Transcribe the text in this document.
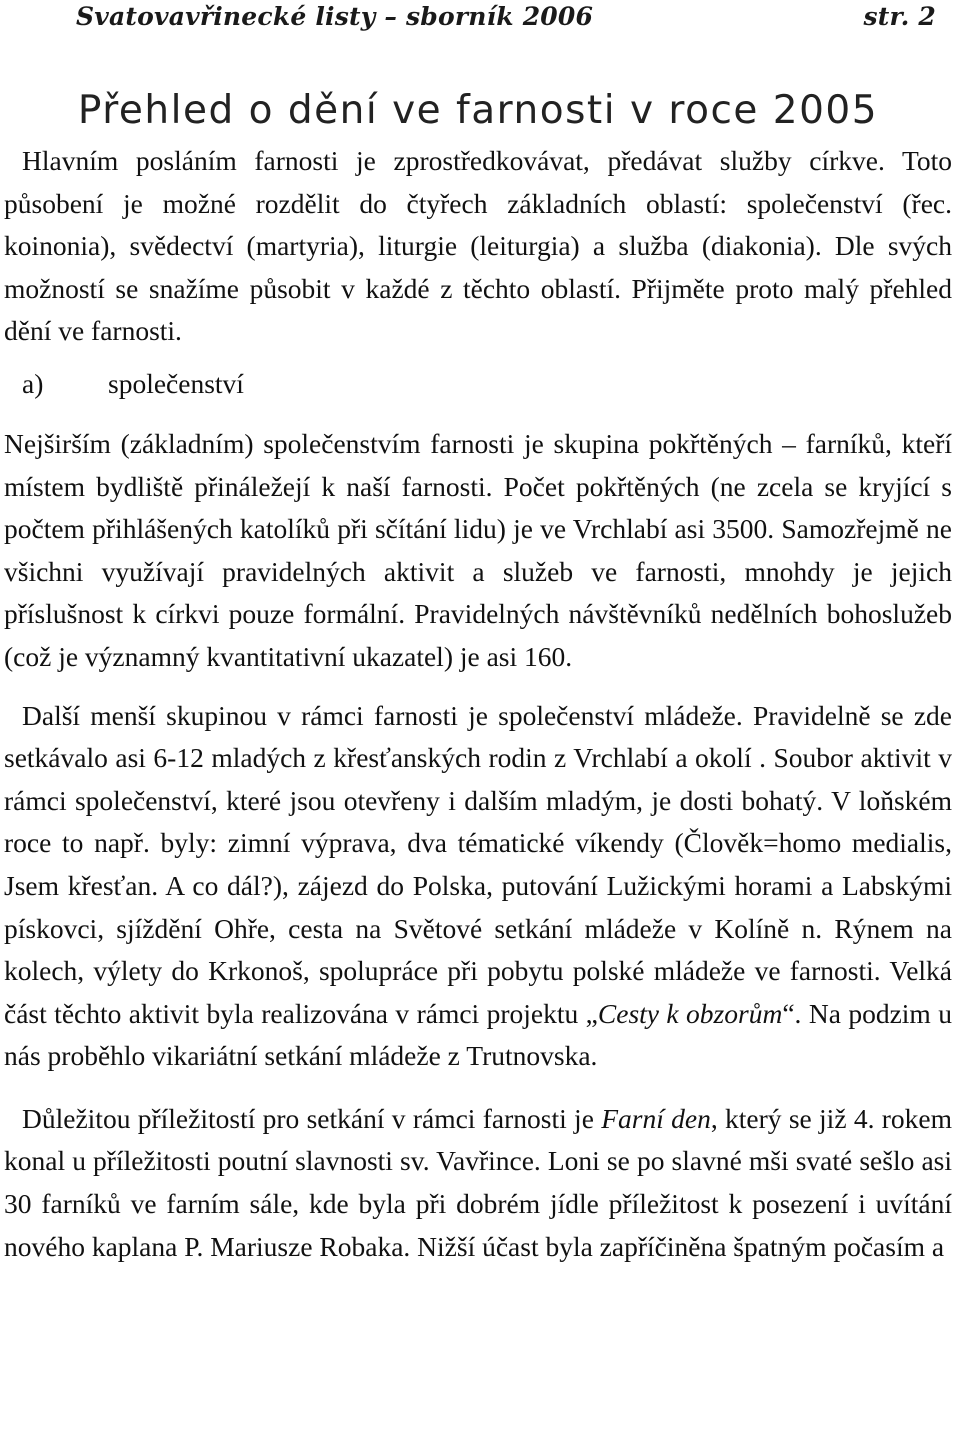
Svatovavřinecké listy – sborník 2006	str. 2
Přehled o dění ve farnosti v roce 2005

Hlavním posláním farnosti je zprostředkovávat, předávat služby církve. Toto působení je možné rozdělit do čtyřech základních oblastí: společenství (řec. koinonia), svědectví (martyria), liturgie (leiturgia) a služba (diakonia). Dle svých možností se snažíme působit v každé z těchto oblastí. Přijměte proto malý přehled dění ve farnosti.

a)	společenství

Nejširším (základním) společenstvím farnosti je skupina pokřtěných – farníků, kteří místem bydliště přináležejí k naší farnosti. Počet pokřtěných (ne zcela se kryjící s počtem přihlášených katolíků při sčítání lidu) je ve Vrchlabí asi 3500. Samozřejmě ne všichni využívají pravidelných aktivit a služeb ve farnosti, mnohdy je jejich příslušnost k církvi pouze formální. Pravidelných návštěvníků nedělních bohoslužeb (což je významný kvantitativní ukazatel) je asi 160.

Další menší skupinou v rámci farnosti je společenství mládeže. Pravidelně se zde setkávalo asi 6-12 mladých z křesťanských rodin z Vrchlabí a okolí . Soubor aktivit v rámci společenství, které jsou otevřeny i dalším mladým, je dosti bohatý. V loňském roce to např. byly: zimní výprava, dva tématické víkendy (Člověk=homo medialis, Jsem křesťan. A co dál?), zájezd do Polska, putování Lužickými horami a Labskými pískovci, sjíždění Ohře, cesta na Světové setkání mládeže v Kolíně n. Rýnem na kolech, výlety do Krkonoš, spolupráce při pobytu polské mládeže ve farnosti. Velká část těchto aktivit byla realizována v rámci projektu „Cesty k obzorům“. Na podzim u nás proběhlo vikariátní setkání mládeže z Trutnovska.

Důležitou příležitostí pro setkání v rámci farnosti je Farní den, který se již 4. rokem konal u příležitosti poutní slavnosti sv. Vavřince. Loni se po slavné mši svaté sešlo asi 30 farníků ve farním sále, kde byla při dobrém jídle příležitost k posezení i uvítání nového kaplana P. Mariusze Robaka. Nižší účast byla zapříčiněna špatným počasím a
